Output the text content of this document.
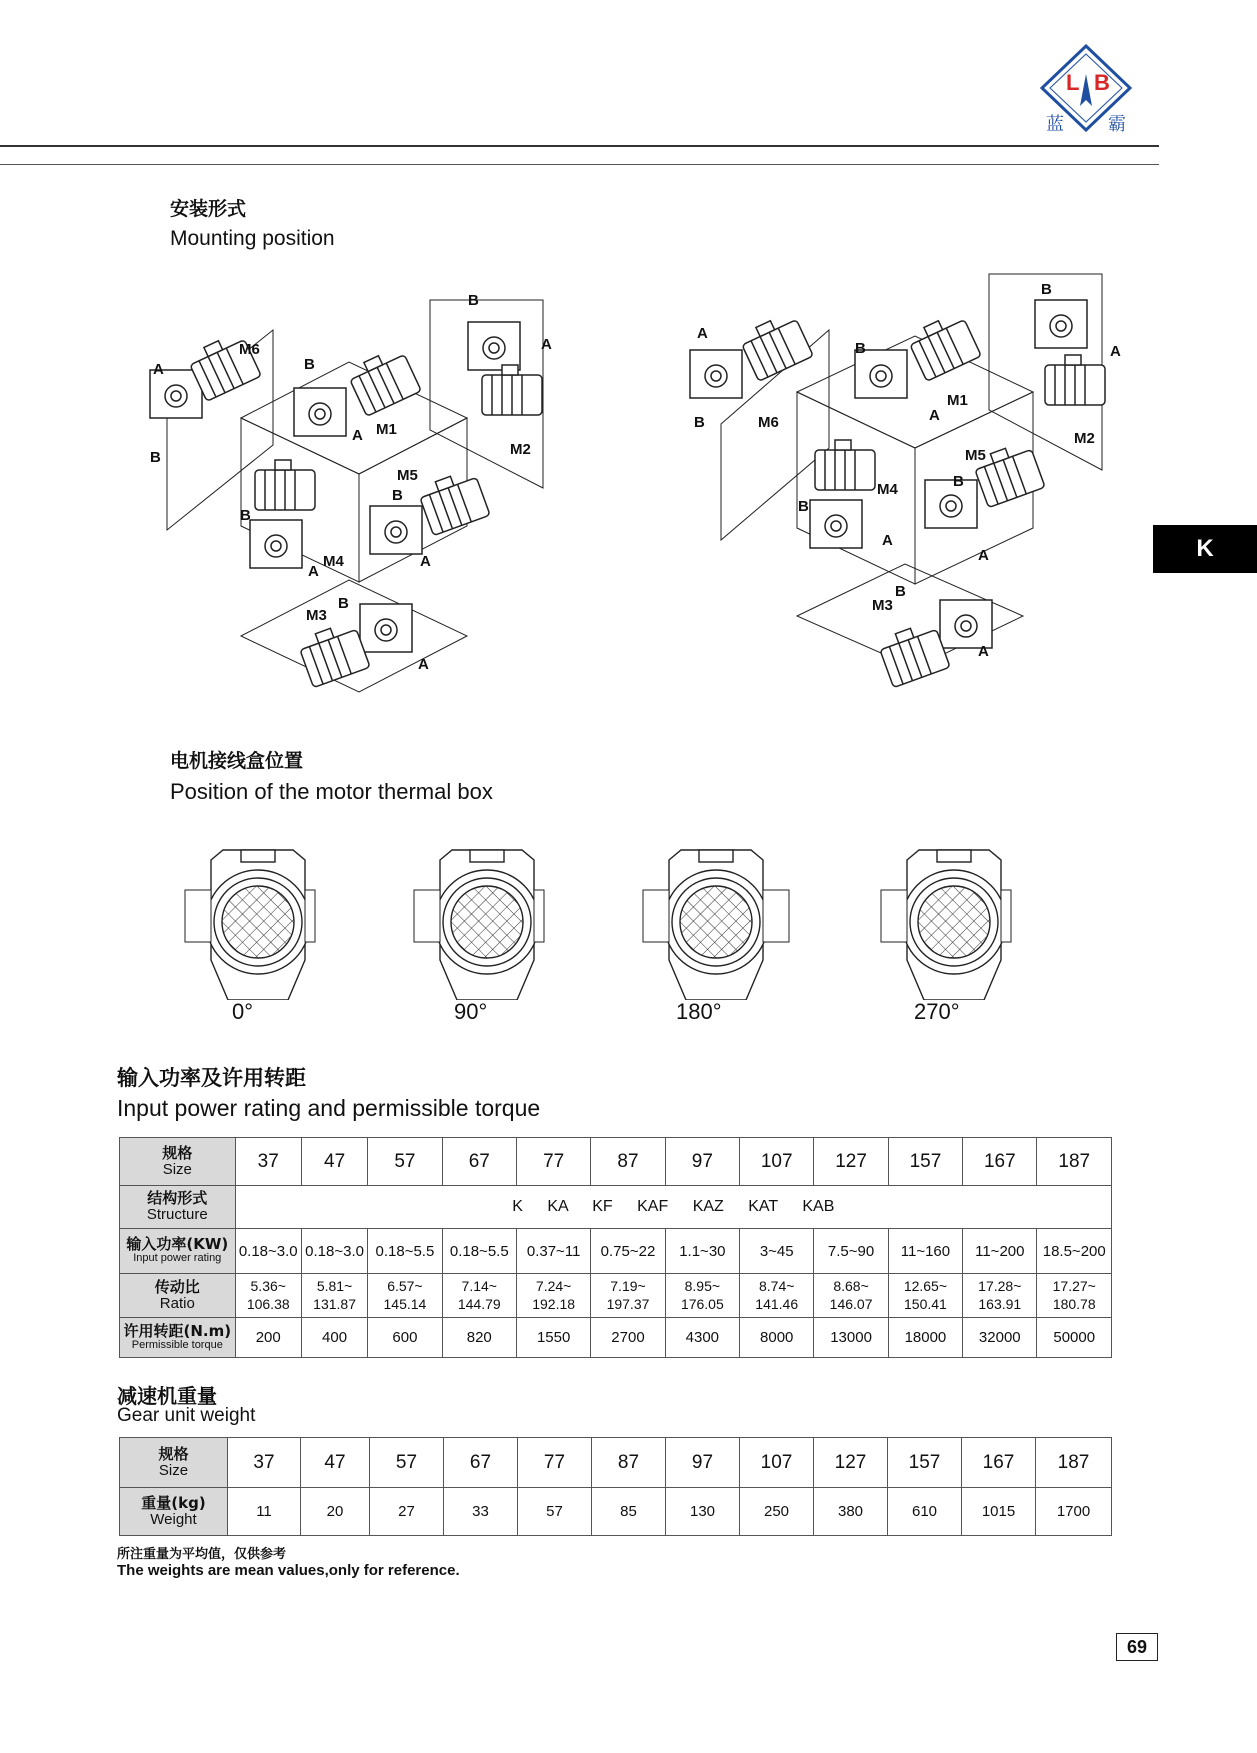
L B
蓝 霸
K
安装形式
Mounting position
A
B
M6
B
A M1
B
A
M2
M5
B
A
B
M4
A
M3
B
A
A
B	M6
B
A
M1
B
A
M2
M5
B
A
B
M4
A
M3
B
A
电机接线盒位置
Position of the motor thermal box
0°	90°	180°	270°
输入功率及许用转距
Input power rating and permissible torque
规格
Size	37	47	57	67	77	87	97	107	127	157	167	187

结构形式
Structure	K KA KF KAF KAZ KAT KAB											

输入功率(KW)
Input power rating	0.18~3.0	0.18~3.0	0.18~5.5	0.18~5.5	0.37~11	0.75~22	1.1~30	3~45	7.5~90	11~160	11~200	18.5~200

传动比
Ratio	5.36~
106.38	5.81~
131.87	6.57~
145.14	7.14~
144.79	7.24~
192.18	7.19~
197.37	8.95~
176.05	8.74~
141.46	8.68~
146.07	12.65~
150.41	17.28~
163.91	17.27~
180.78

许用转距(N.m)
Permissible torque	200	400	600	820	1550	2700	4300	8000	13000	18000	32000	50000
减速机重量
Gear unit weight
规格
Size	37	47	57	67	77	87	97	107	127	157	167	187

重量(kg)
Weight	11	20	27	33	57	85	130	250	380	610	1015	1700
所注重量为平均值，仅供参考
The weights are mean values,only for reference.
69
